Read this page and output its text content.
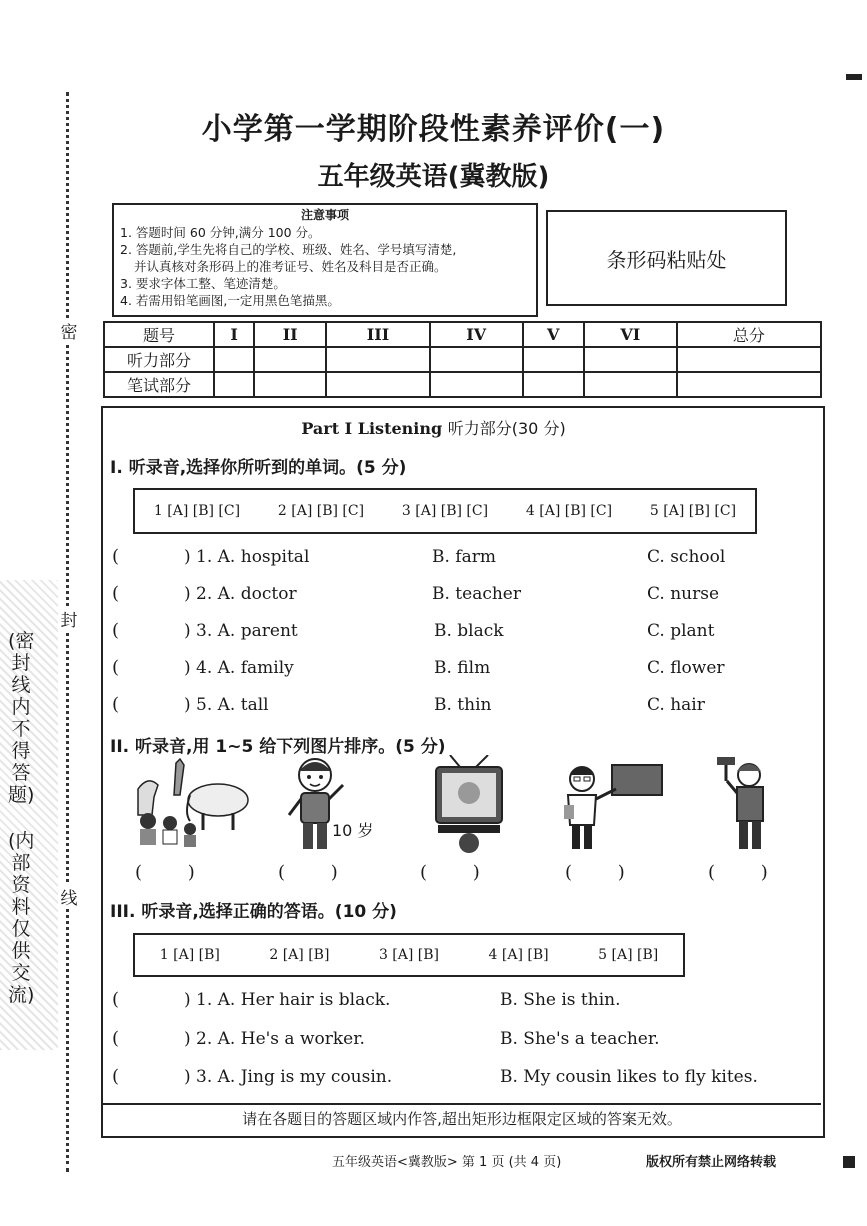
密
封
线
(密封线内不得答题)
(内部资料 仅供交流)
小学第一学期阶段性素养评价(一)
五年级英语(冀教版)
注意事项
1. 答题时间 60 分钟,满分 100 分。
2. 答题前,学生先将自己的学校、班级、姓名、学号填写清楚,
并认真核对条形码上的准考证号、姓名及科目是否正确。
3. 要求字体工整、笔迹清楚。
4. 若需用铅笔画图,一定用黑色笔描黑。
条形码粘贴处
题号	I	II	III	IV	V	VI	总分
听力部分							
笔试部分							
Part I Listening 听力部分(30 分)
I. 听录音,选择你所听到的单词。(5 分)
1 [A] [B] [C]	2 [A] [B] [C]	3 [A] [B] [C]	4 [A] [B] [C]	5 [A] [B] [C]
(	) 1. A. hospital	B. farm	C. school
(	) 2. A. doctor	B. teacher	C. nurse
(	) 3. A. parent	B. black	C. plant
(	) 4. A. family	B. film	C. flower
(	) 5. A. tall	B. thin	C. hair
II. 听录音,用 1~5 给下列图片排序。(5 分)
10 岁
(        )	(        )	(        )	(        )	(        )
III. 听录音,选择正确的答语。(10 分)
1 [A] [B]	2 [A] [B]	3 [A] [B]	4 [A] [B]	5 [A] [B]
(	) 1. A. Her hair is black.	B. She is thin.
(	) 2. A. He's a worker.	B. She's a teacher.
(	) 3. A. Jing is my cousin.	B. My cousin likes to fly kites.
请在各题目的答题区域内作答,超出矩形边框限定区域的答案无效。
五年级英语<冀教版> 第 1 页 (共 4 页)	版权所有禁止网络转载
